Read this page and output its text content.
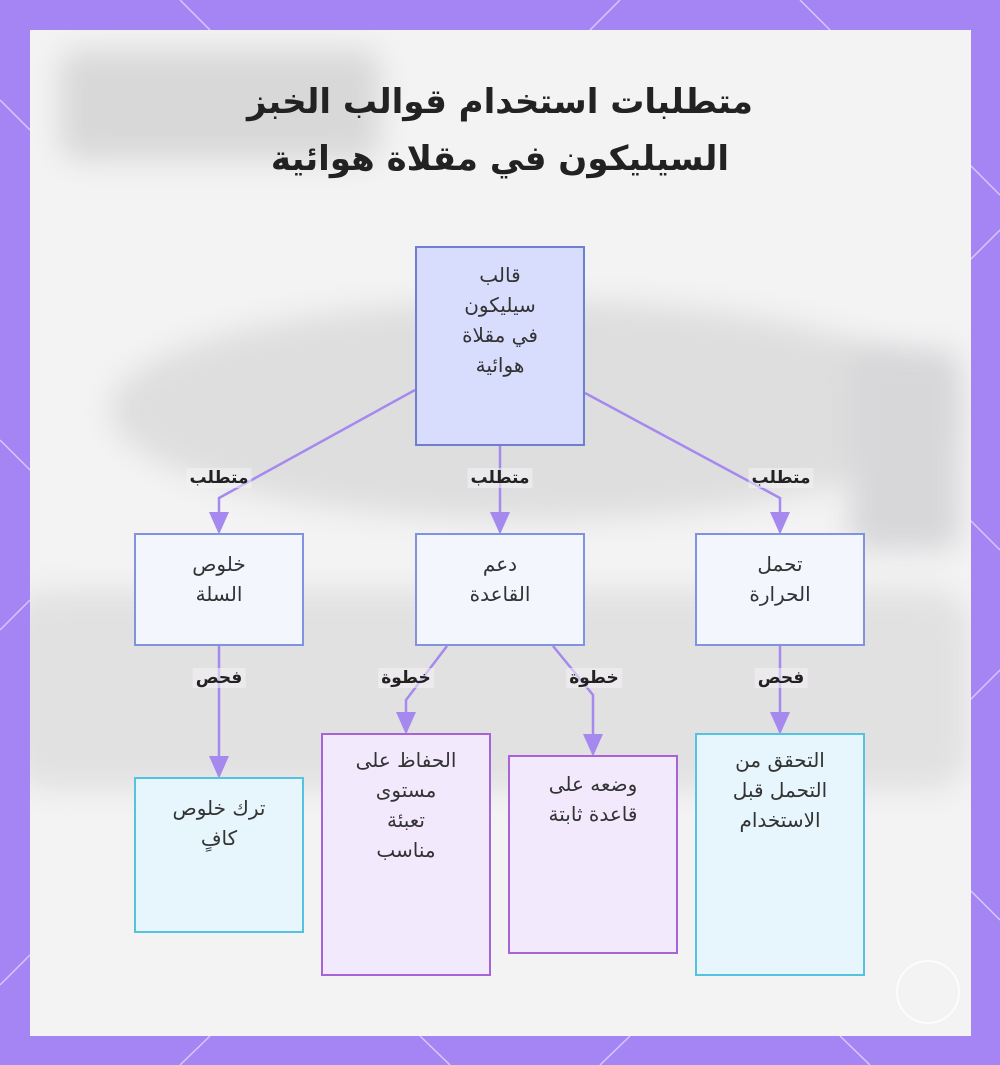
متطلبات استخدام قوالب الخبز
السيليكون في مقلاة هوائية
قالب
سيليكون
في مقلاة
هوائية
خلوص
السلة
دعم
القاعدة
تحمل
الحرارة
ترك خلوص
كافٍ
الحفاظ على
مستوى
تعبئة
مناسب
وضعه على
قاعدة ثابتة
التحقق من
التحمل قبل
الاستخدام
متطلب	متطلب	متطلب
فحص	خطوة	خطوة	فحص
